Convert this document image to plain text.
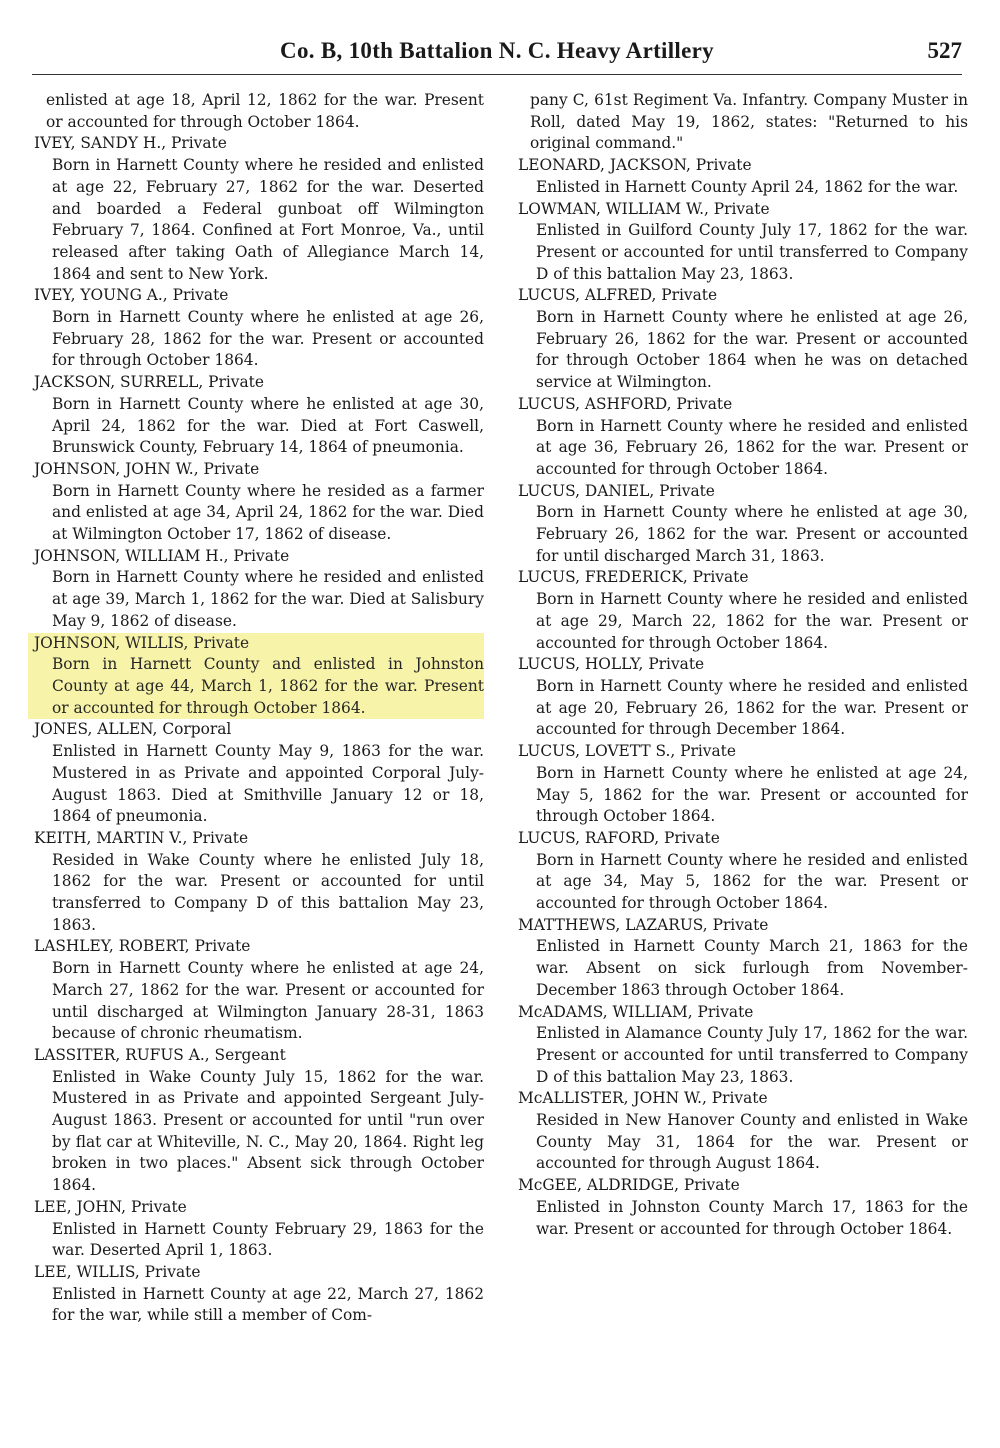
Co. B, 10th Battalion N. C. Heavy Artillery	527
enlisted at age 18, April 12, 1862 for the war. Present or accounted for through October 1864.
IVEY, SANDY H., Private
Born in Harnett County where he resided and enlisted at age 22, February 27, 1862 for the war. Deserted and boarded a Federal gunboat off Wilmington February 7, 1864. Confined at Fort Monroe, Va., until released after taking Oath of Allegiance March 14, 1864 and sent to New York.
IVEY, YOUNG A., Private
Born in Harnett County where he enlisted at age 26, February 28, 1862 for the war. Present or accounted for through October 1864.
JACKSON, SURRELL, Private
Born in Harnett County where he enlisted at age 30, April 24, 1862 for the war. Died at Fort Caswell, Brunswick County, February 14, 1864 of pneumonia.
JOHNSON, JOHN W., Private
Born in Harnett County where he resided as a farmer and enlisted at age 34, April 24, 1862 for the war. Died at Wilmington October 17, 1862 of disease.
JOHNSON, WILLIAM H., Private
Born in Harnett County where he resided and enlisted at age 39, March 1, 1862 for the war. Died at Salisbury May 9, 1862 of disease.
JOHNSON, WILLIS, Private
Born in Harnett County and enlisted in Johnston County at age 44, March 1, 1862 for the war. Present or accounted for through October 1864.
JONES, ALLEN, Corporal
Enlisted in Harnett County May 9, 1863 for the war. Mustered in as Private and appointed Corporal July-August 1863. Died at Smithville January 12 or 18, 1864 of pneumonia.
KEITH, MARTIN V., Private
Resided in Wake County where he enlisted July 18, 1862 for the war. Present or accounted for until transferred to Company D of this battalion May 23, 1863.
LASHLEY, ROBERT, Private
Born in Harnett County where he enlisted at age 24, March 27, 1862 for the war. Present or accounted for until discharged at Wilmington January 28-31, 1863 because of chronic rheumatism.
LASSITER, RUFUS A., Sergeant
Enlisted in Wake County July 15, 1862 for the war. Mustered in as Private and appointed Sergeant July-August 1863. Present or accounted for until "run over by flat car at Whiteville, N. C., May 20, 1864. Right leg broken in two places." Absent sick through October 1864.
LEE, JOHN, Private
Enlisted in Harnett County February 29, 1863 for the war. Deserted April 1, 1863.
LEE, WILLIS, Private
Enlisted in Harnett County at age 22, March 27, 1862 for the war, while still a member of Com-
pany C, 61st Regiment Va. Infantry. Company Muster in Roll, dated May 19, 1862, states: "Returned to his original command."
LEONARD, JACKSON, Private
Enlisted in Harnett County April 24, 1862 for the war.
LOWMAN, WILLIAM W., Private
Enlisted in Guilford County July 17, 1862 for the war. Present or accounted for until transferred to Company D of this battalion May 23, 1863.
LUCUS, ALFRED, Private
Born in Harnett County where he enlisted at age 26, February 26, 1862 for the war. Present or accounted for through October 1864 when he was on detached service at Wilmington.
LUCUS, ASHFORD, Private
Born in Harnett County where he resided and enlisted at age 36, February 26, 1862 for the war. Present or accounted for through October 1864.
LUCUS, DANIEL, Private
Born in Harnett County where he enlisted at age 30, February 26, 1862 for the war. Present or accounted for until discharged March 31, 1863.
LUCUS, FREDERICK, Private
Born in Harnett County where he resided and enlisted at age 29, March 22, 1862 for the war. Present or accounted for through October 1864.
LUCUS, HOLLY, Private
Born in Harnett County where he resided and enlisted at age 20, February 26, 1862 for the war. Present or accounted for through December 1864.
LUCUS, LOVETT S., Private
Born in Harnett County where he enlisted at age 24, May 5, 1862 for the war. Present or accounted for through October 1864.
LUCUS, RAFORD, Private
Born in Harnett County where he resided and enlisted at age 34, May 5, 1862 for the war. Present or accounted for through October 1864.
MATTHEWS, LAZARUS, Private
Enlisted in Harnett County March 21, 1863 for the war. Absent on sick furlough from November-December 1863 through October 1864.
McADAMS, WILLIAM, Private
Enlisted in Alamance County July 17, 1862 for the war. Present or accounted for until transferred to Company D of this battalion May 23, 1863.
McALLISTER, JOHN W., Private
Resided in New Hanover County and enlisted in Wake County May 31, 1864 for the war. Present or accounted for through August 1864.
McGEE, ALDRIDGE, Private
Enlisted in Johnston County March 17, 1863 for the war. Present or accounted for through October 1864.
